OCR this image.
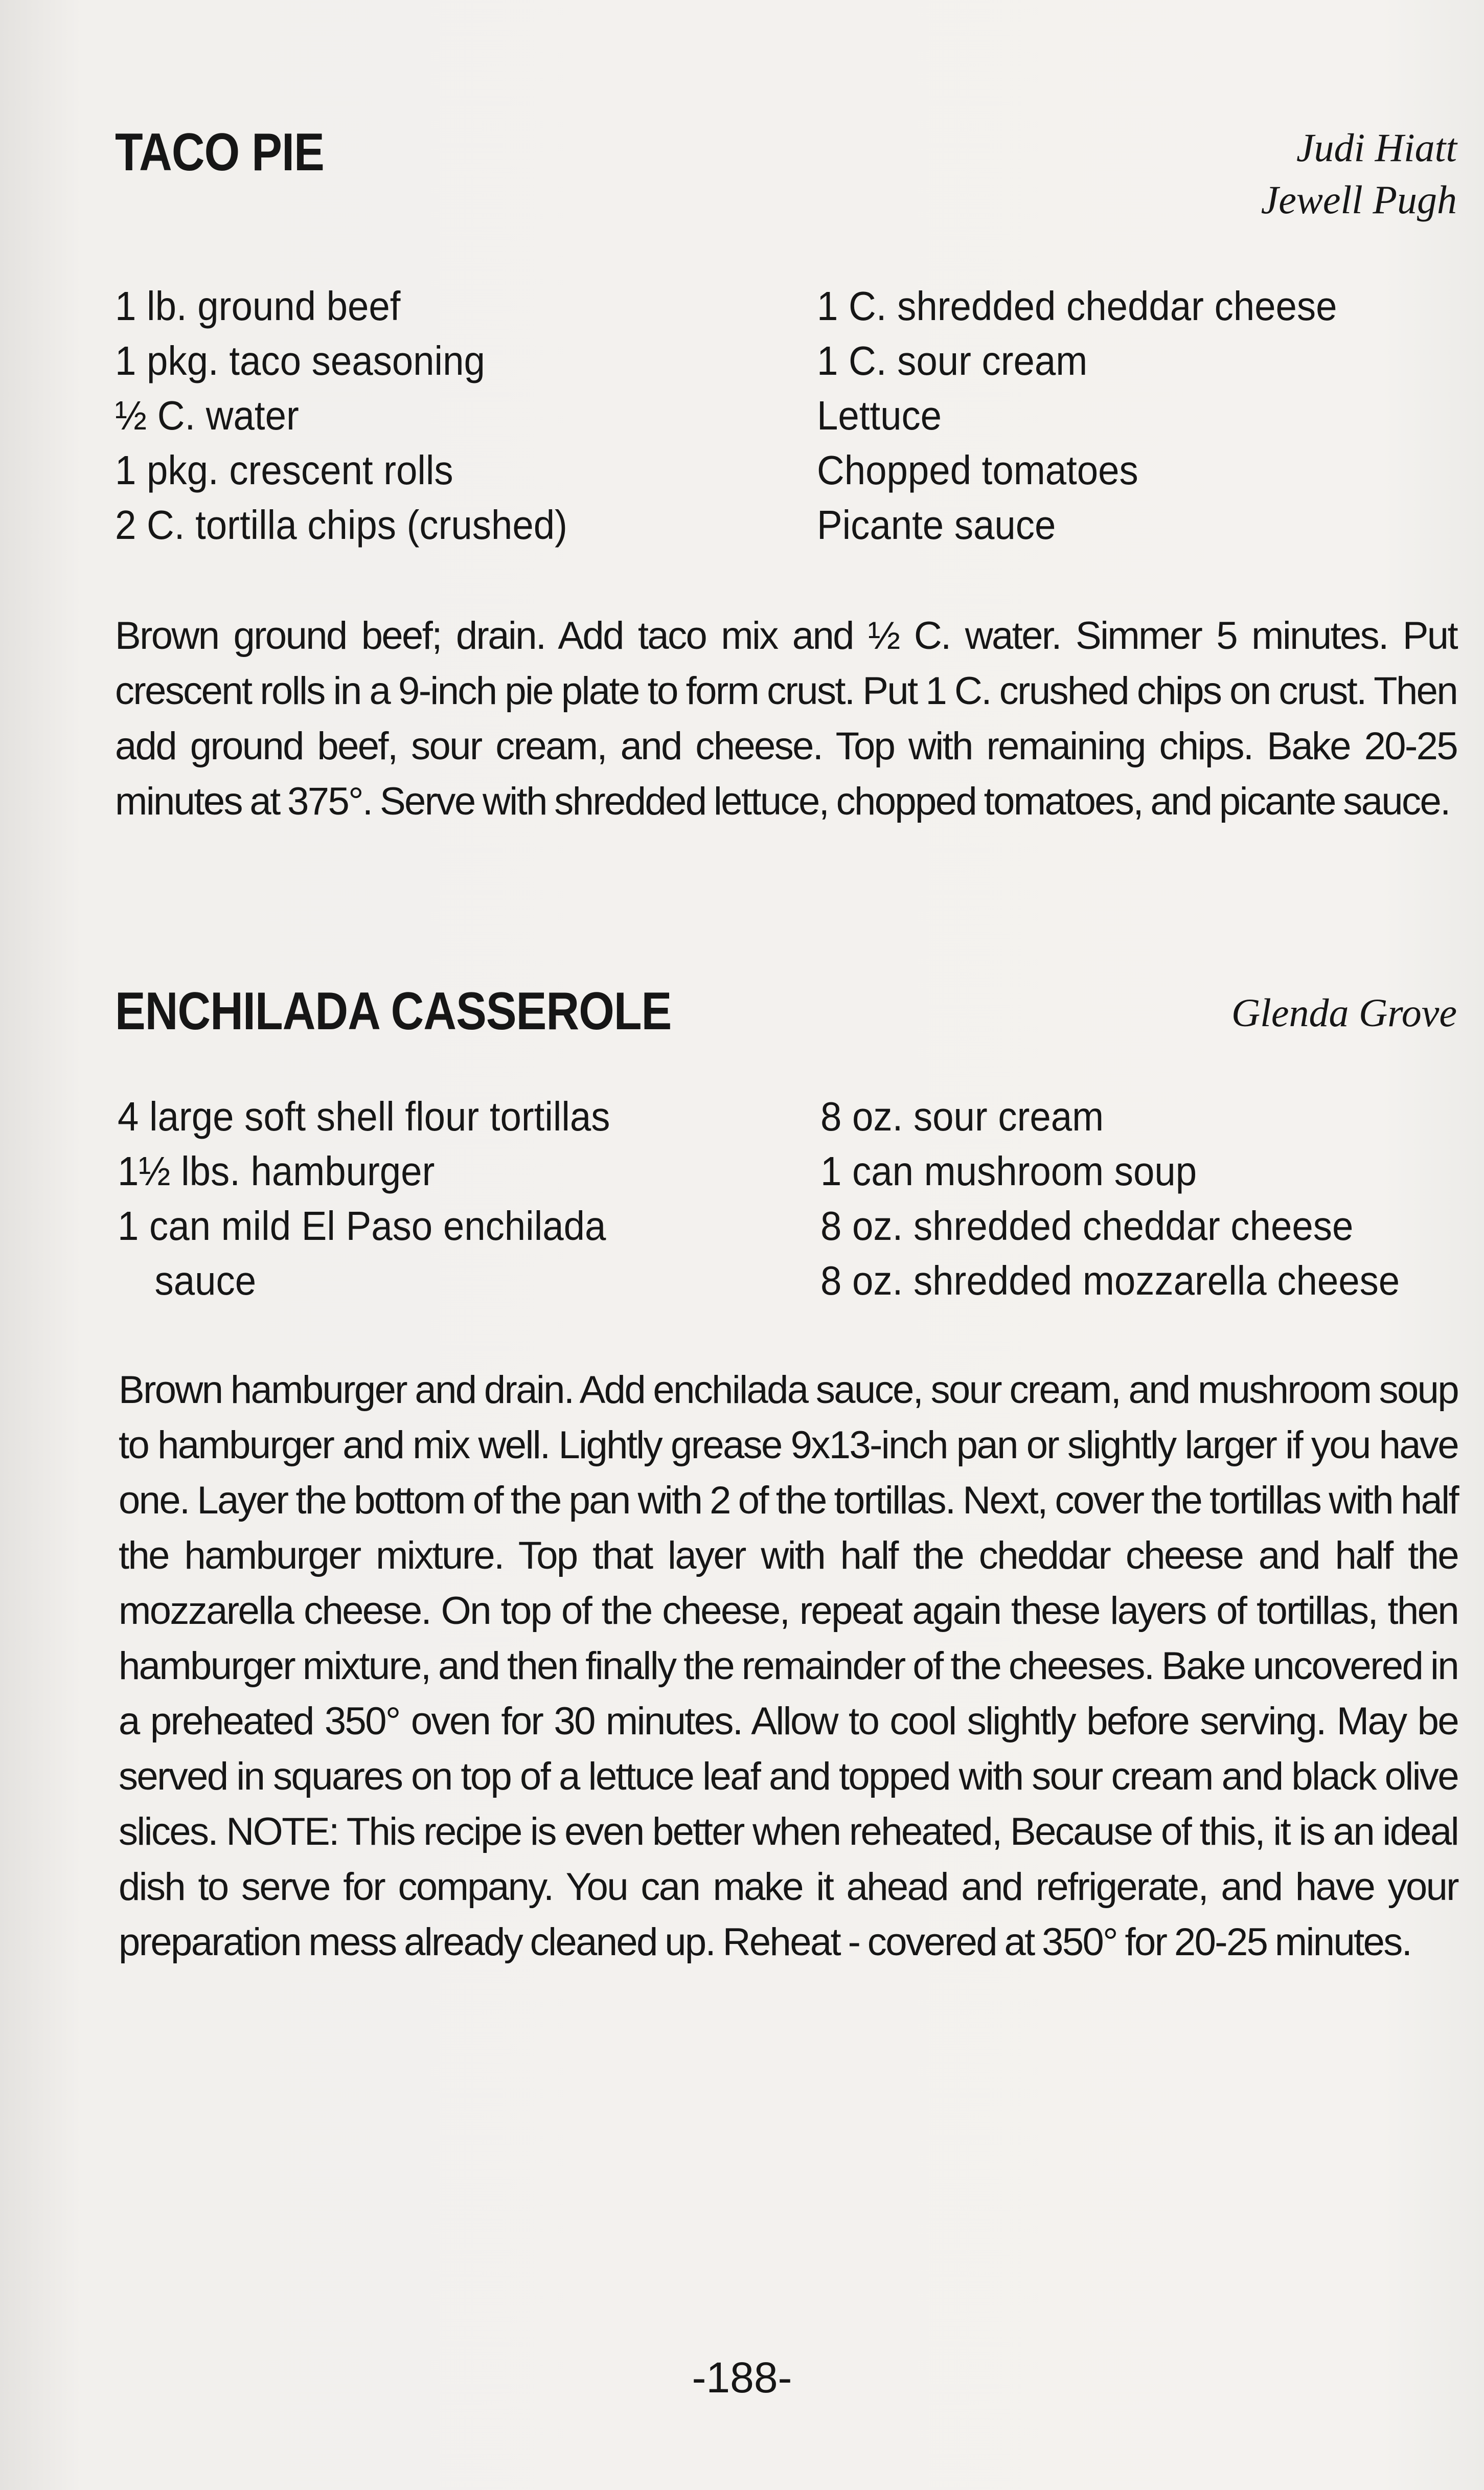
TACO PIE	Judi Hiatt
Jewell Pugh
1 lb. ground beef
1 pkg. taco seasoning
½ C. water
1 pkg. crescent rolls
2 C. tortilla chips (crushed)
1 C. shredded cheddar cheese
1 C. sour cream
Lettuce
Chopped tomatoes
Picante sauce

Brown ground beef; drain. Add taco mix and ½ C. water. Simmer 5 minutes. Put crescent rolls in a 9-inch pie plate to form crust. Put 1 C. crushed chips on crust. Then add ground beef, sour cream, and cheese. Top with remaining chips. Bake 20-25 minutes at 375°. Serve with shredded lettuce, chopped tomatoes, and picante sauce.

ENCHILADA CASSEROLE	Glenda Grove
4 large soft shell flour tortillas
1½ lbs. hamburger
1 can mild El Paso enchilada
sauce
8 oz. sour cream
1 can mushroom soup
8 oz. shredded cheddar cheese
8 oz. shredded mozzarella cheese

Brown hamburger and drain. Add enchilada sauce, sour cream, and mushroom soup to hamburger and mix well. Lightly grease 9x13-inch pan or slightly larger if you have one. Layer the bottom of the pan with 2 of the tortillas. Next, cover the tortillas with half the hamburger mixture. Top that layer with half the cheddar cheese and half the mozzarella cheese. On top of the cheese, repeat again these layers of tortillas, then hamburger mixture, and then finally the remainder of the cheeses. Bake uncovered in a preheated 350° oven for 30 minutes. Allow to cool slightly before serving. May be served in squares on top of a lettuce leaf and topped with sour cream and black olive slices. NOTE: This recipe is even better when reheated, Because of this, it is an ideal dish to serve for company. You can make it ahead and refrigerate, and have your preparation mess already cleaned up. Reheat - covered at 350° for 20-25 minutes.

-188-
